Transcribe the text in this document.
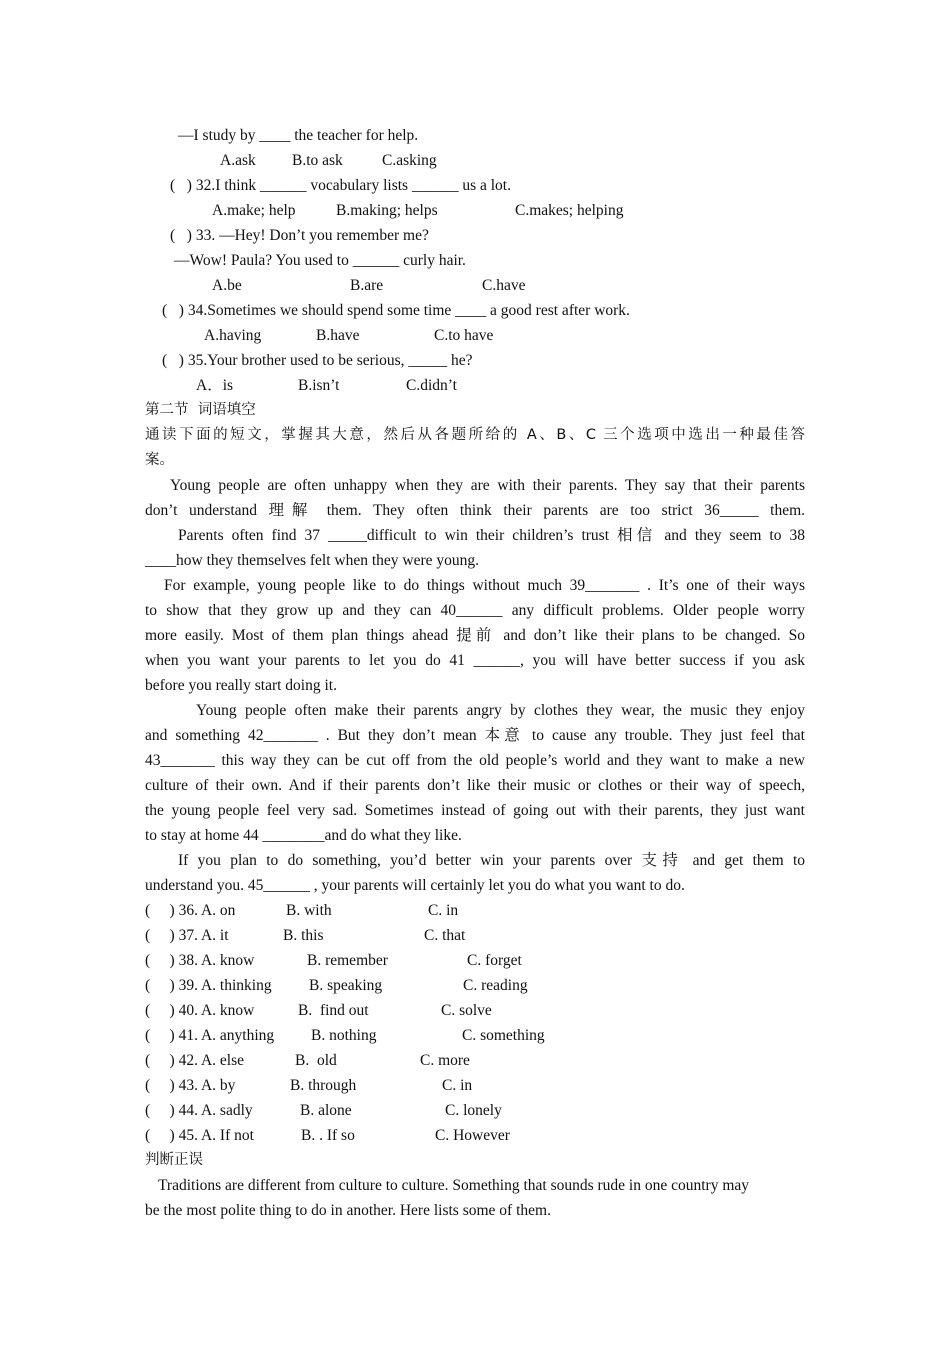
—I study by ____ the teacher for help.
A.ask B.to ask	C.asking
(   ) 32.I think ______ vocabulary lists ______ us a lot.
A.make; help	B.making; helps	C.makes; helping
(   ) 33. —Hey! Don’t you remember me?
—Wow! Paula? You used to ______ curly hair.
A.be	B.are	C.have
(   ) 34.Sometimes we should spend some time ____ a good rest after work.
A.having	B.have	C.to have
(   ) 35.Your brother used to be serious, _____ he?
A．is	B.isn’t	C.didn’t
第二节  词语填空
通读下面的短文，掌握其大意，然后从各题所给的 A、B、C 三个选项中选出一种最佳答
案。
Young people are often unhappy when they are with their parents. They say that their parents
don’t understand 理解 them. They often think their parents are too strict 36_____ them.
Parents often find 37 _____difficult to win their children’s trust 相信 and they seem to 38
____how they themselves felt when they were young.
For example, young people like to do things without much 39_______ . It’s one of their ways
to show that they grow up and they can 40______ any difficult problems. Older people worry
more easily. Most of them plan things ahead 提前 and don’t like their plans to be changed. So
when you want your parents to let you do 41 ______, you will have better success if you ask
before you really start doing it.
Young people often make their parents angry by clothes they wear, the music they enjoy
and something 42_______ . But they don’t mean 本意 to cause any trouble. They just feel that
43_______ this way they can be cut off from the old people’s world and they want to make a new
culture of their own. And if their parents don’t like their music or clothes or their way of speech,
the young people feel very sad. Sometimes instead of going out with their parents, they just want
to stay at home 44 ________and do what they like.
If you plan to do something, you’d better win your parents over 支持 and get them to
understand you. 45______ , your parents will certainly let you do what you want to do.
(     ) 36. A. on	B. with	C. in
(     ) 37. A. it	B. this	C. that
(     ) 38. A. know	B. remember	C. forget
(     ) 39. A. thinking B. speaking	C. reading
(     ) 40. A. know	B.  find out	C. solve
(     ) 41. A. anything B. nothing	C. something
(     ) 42. A. else	B.  old	C. more
(     ) 43. A. by	B. through	C. in
(     ) 44. A. sadly	B. alone	C. lonely
(     ) 45. A. If not	B. . If so	C. However
判断正误
Traditions are different from culture to culture. Something that sounds rude in one country may
be the most polite thing to do in another. Here lists some of them.
